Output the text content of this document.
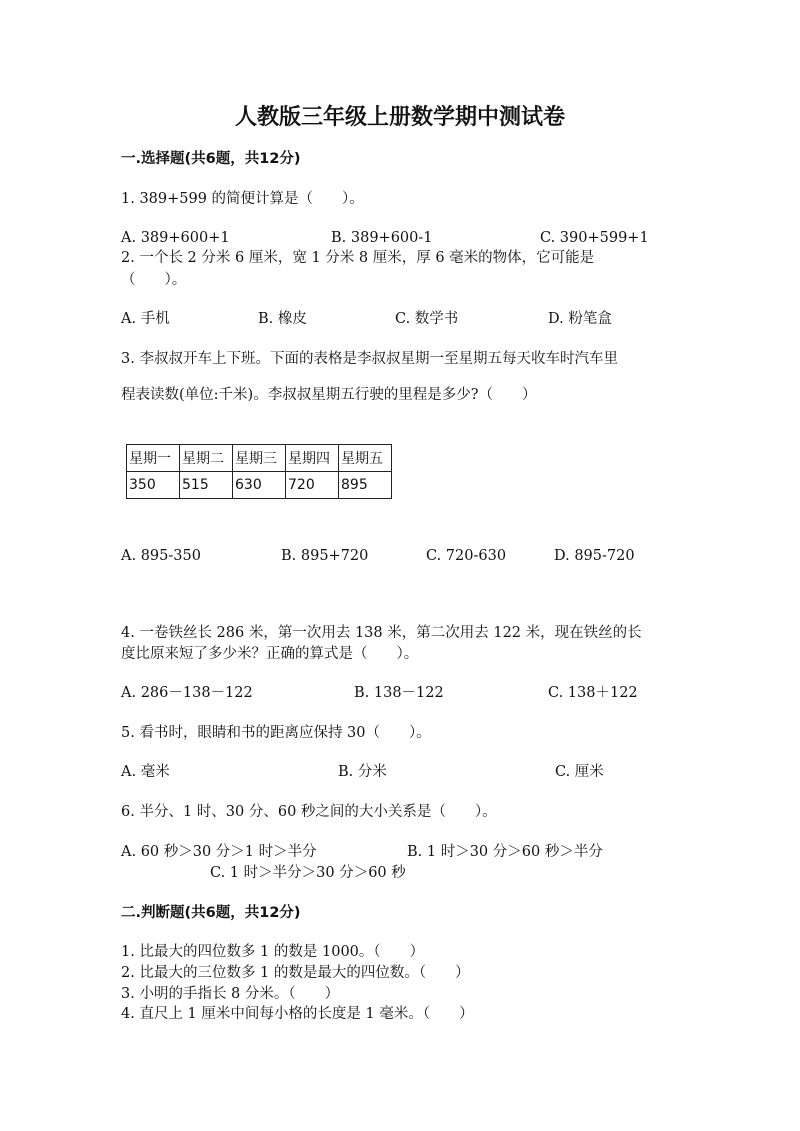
人教版三年级上册数学期中测试卷
一.选择题(共6题，共12分)
1. 389+599 的简便计算是（　　）。
A. 389+600+1	B. 389+600-1	C. 390+599+1
2. 一个长 2 分米 6 厘米，宽 1 分米 8 厘米，厚 6 毫米的物体，它可能是
（　　）。
A. 手机	B. 橡皮	C. 数学书	D. 粉笔盒
3. 李叔叔开车上下班。下面的表格是李叔叔星期一至星期五每天收车时汽车里
程表读数(单位:千米)。李叔叔星期五行驶的里程是多少?（　　）
星期一	星期二	星期三	星期四	星期五
350	515	630	720	895
A. 895-350	B. 895+720	C. 720-630	D. 895-720
4. 一卷铁丝长 286 米，第一次用去 138 米，第二次用去 122 米，现在铁丝的长
度比原来短了多少米？正确的算式是（　　）。
A. 286－138－122	B. 138－122	C. 138＋122
5. 看书时，眼睛和书的距离应保持 30（　　）。
A. 毫米	B. 分米	C. 厘米
6. 半分、1 时、30 分、60 秒之间的大小关系是（　　）。
A. 60 秒＞30 分＞1 时＞半分	B. 1 时＞30 分＞60 秒＞半分
C. 1 时＞半分＞30 分＞60 秒
二.判断题(共6题，共12分)
1. 比最大的四位数多 1 的数是 1000。（　　）
2. 比最大的三位数多 1 的数是最大的四位数。（　　）
3. 小明的手指长 8 分米。（　　）
4. 直尺上 1 厘米中间每小格的长度是 1 毫米。（　　）
